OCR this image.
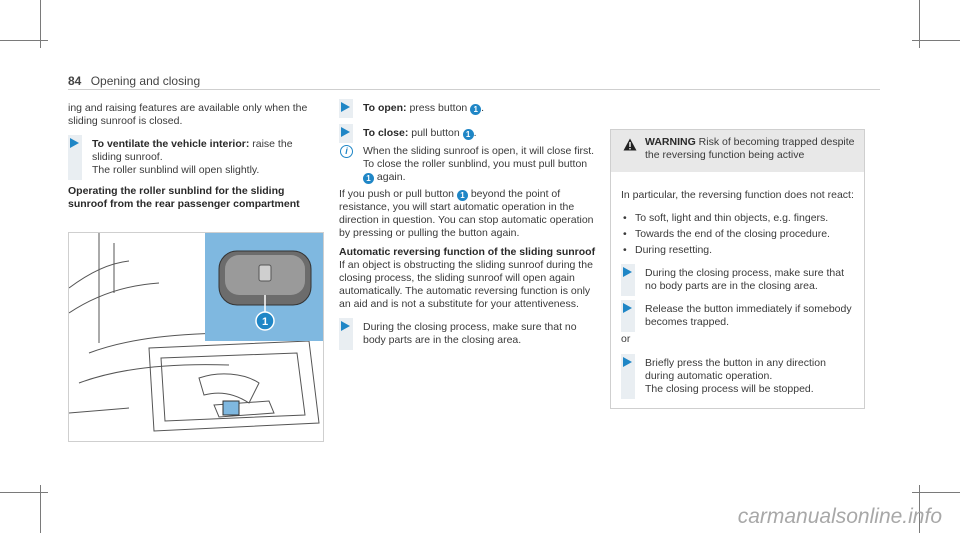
84 Opening and closing

ing and raising features are available only when the sliding sunroof is closed.

To ventilate the vehicle interior: raise the sliding sunroof.
The roller sunblind will open slightly.

Operating the roller sunblind for the sliding sunroof from the rear passenger compartment

1
To open: press button 1 .
To close: pull button 1 .
i	When the sliding sunroof is open, it will close first. To close the roller sunblind, you must pull button 1 again.

If you push or pull button 1 beyond the point of resistance, you will start automatic operation in the direction in question. You can stop automatic operation by pressing or pulling the button again.

Automatic reversing function of the sliding sunroof

If an object is obstructing the sliding sunroof during the closing process, the sliding sunroof will open again automatically. The automatic reversing function is only an aid and is not a substitute for your attentiveness.

During the closing process, make sure that no body parts are in the closing area.
WARNING Risk of becoming trapped despite the reversing function being active

In particular, the reversing function does not react:

• To soft, light and thin objects, e.g. fingers.
• Towards the end of the closing procedure.
• During resetting.
During the closing process, make sure that no body parts are in the closing area.
Release the button immediately if somebody becomes trapped.

or

Briefly press the button in any direction during automatic operation.
The closing process will be stopped.
carmanualsonline.info
